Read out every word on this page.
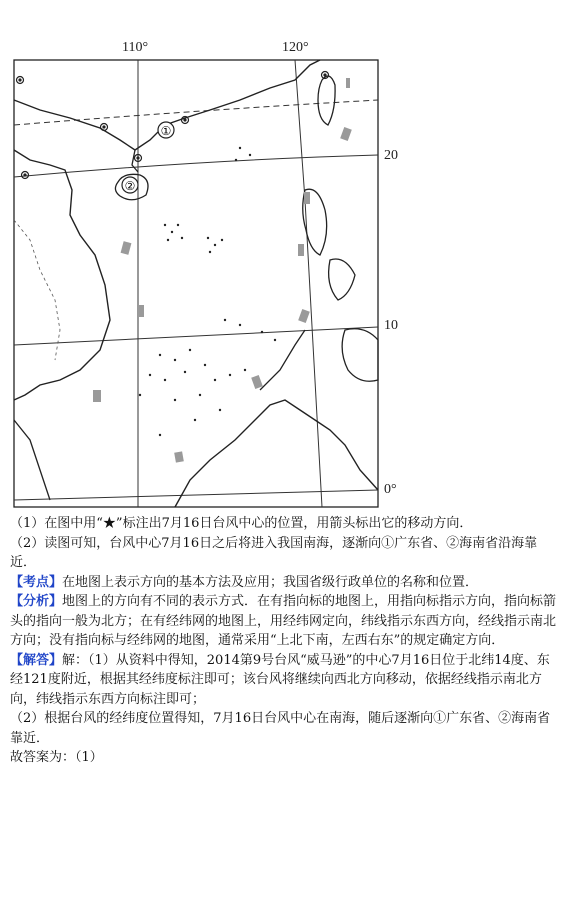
①
②
110°	120°
20
10
0°

（1）在图中用“★”标注出7月16日台风中心的位置，用箭头标出它的移动方向．

（2）读图可知，台风中心7月16日之后将进入我国南海，逐渐向①广东省、②海南省沿海靠近．

【考点】在地图上表示方向的基本方法及应用；我国省级行政单位的名称和位置．

【分析】地图上的方向有不同的表示方式．在有指向标的地图上，用指向标指示方向，指向标箭头的指向一般为北方；在有经纬网的地图上，用经纬网定向，纬线指示东西方向，经线指示南北方向；没有指向标与经纬网的地图，通常采用“上北下南，左西右东”的规定确定方向．

【解答】解：（1）从资料中得知，2014第9号台风“威马逊”的中心7月16日位于北纬14度、东经121度附近，根据其经纬度标注即可；该台风将继续向西北方向移动，依据经线指示南北方向，纬线指示东西方向标注即可；

（2）根据台风的经纬度位置得知，7月16日台风中心在南海，随后逐渐向①广东省、②海南省靠近．

故答案为：（1）
